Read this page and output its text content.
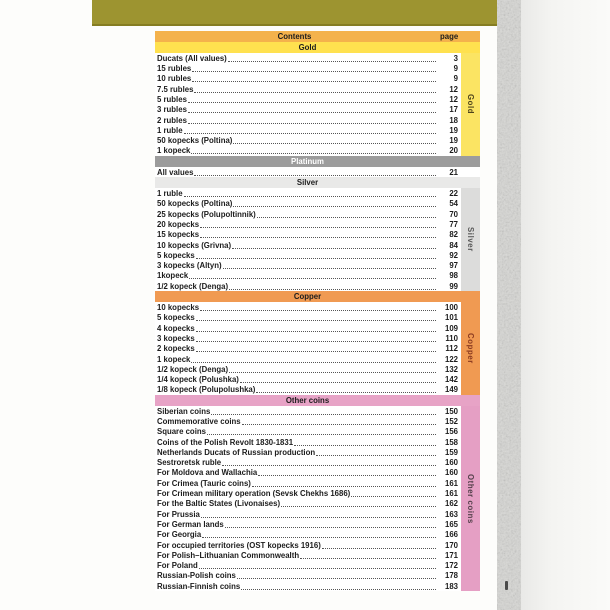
Contents	page
Gold
Gold
Ducats (All values)	3
15 rubles	9
10 rubles	9
7.5 rubles	12
5 rubles	12
3 rubles	17
2 rubles	18
1 ruble	19
50 kopecks (Poltina)	19
1 kopeck	20
Platinum
All values	21
Silver
Silver
1 ruble	22
50 kopecks (Poltina)	54
25 kopecks (Polupoltinnik)	70
20 kopecks	77
15 kopecks	82
10 kopecks (Grivna)	84
5 kopecks	92
3 kopecks (Altyn)	97
1kopeck	98
1/2 kopeck (Denga)	99
Copper
Copper
10 kopecks	100
5 kopecks	101
4 kopecks	109
3 kopecks	110
2 kopecks	112
1 kopeck	122
1/2 kopeck (Denga)	132
1/4 kopeck (Polushka)	142
1/8 kopeck (Polupolushka)	149
Other coins
Other coins
Siberian coins	150
Commemorative coins	152
Square coins	156
Coins of the Polish Revolt 1830-1831	158
Netherlands Ducats of Russian production	159
Sestroretsk ruble	160
For Moldova and Wallachia	160
For Crimea (Tauric coins)	161
For Crimean military operation (Sevsk Chekhs 1686)	161
For the Baltic States (Livonaises)	162
For Prussia	163
For German lands	165
For Georgia	166
For occupied territories (OST kopecks 1916)	170
For Polish–Lithuanian Commonwealth	171
For Poland	172
Russian-Polish coins	178
Russian-Finnish coins	183
